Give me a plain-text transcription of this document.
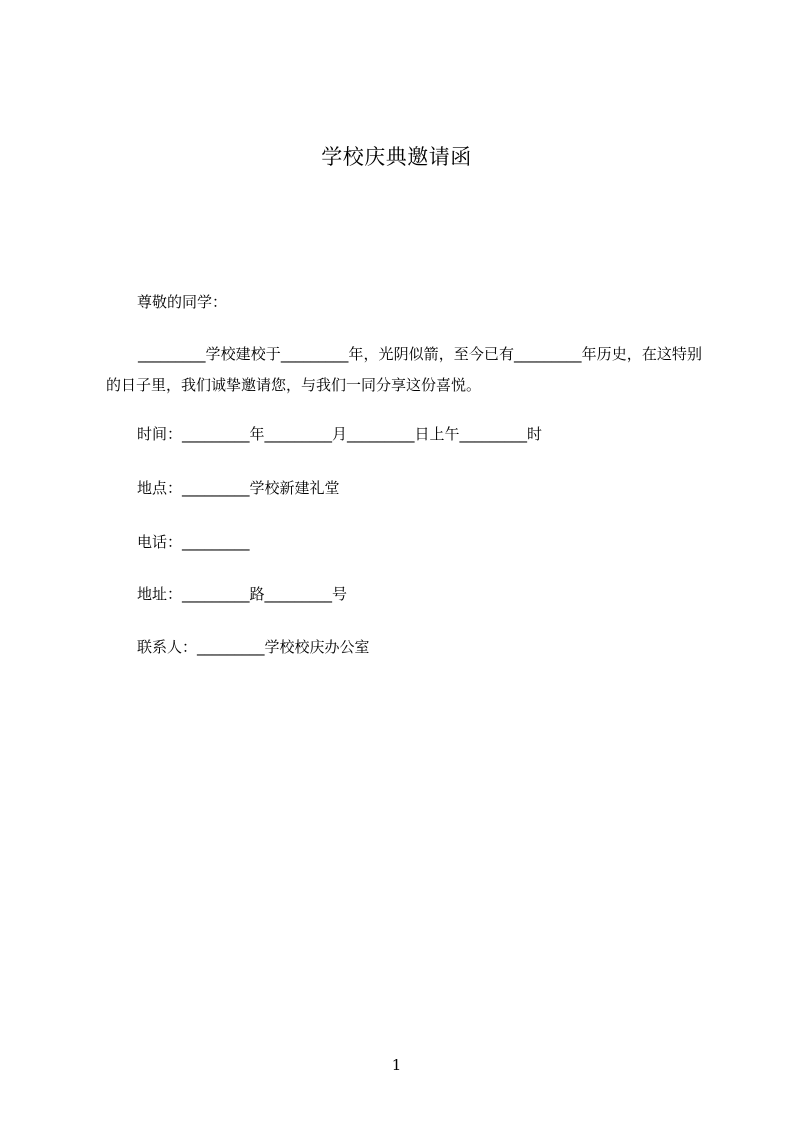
学校庆典邀请函
尊敬的同学：
_________学校建校于_________年，光阴似箭，至今已有_________年历史，在这特别的日子里，我们诚挚邀请您，与我们一同分享这份喜悦。
时间：_________年_________月_________日上午_________时
地点：_________学校新建礼堂
电话：_________
地址：_________路_________号
联系人：_________学校校庆办公室
1
